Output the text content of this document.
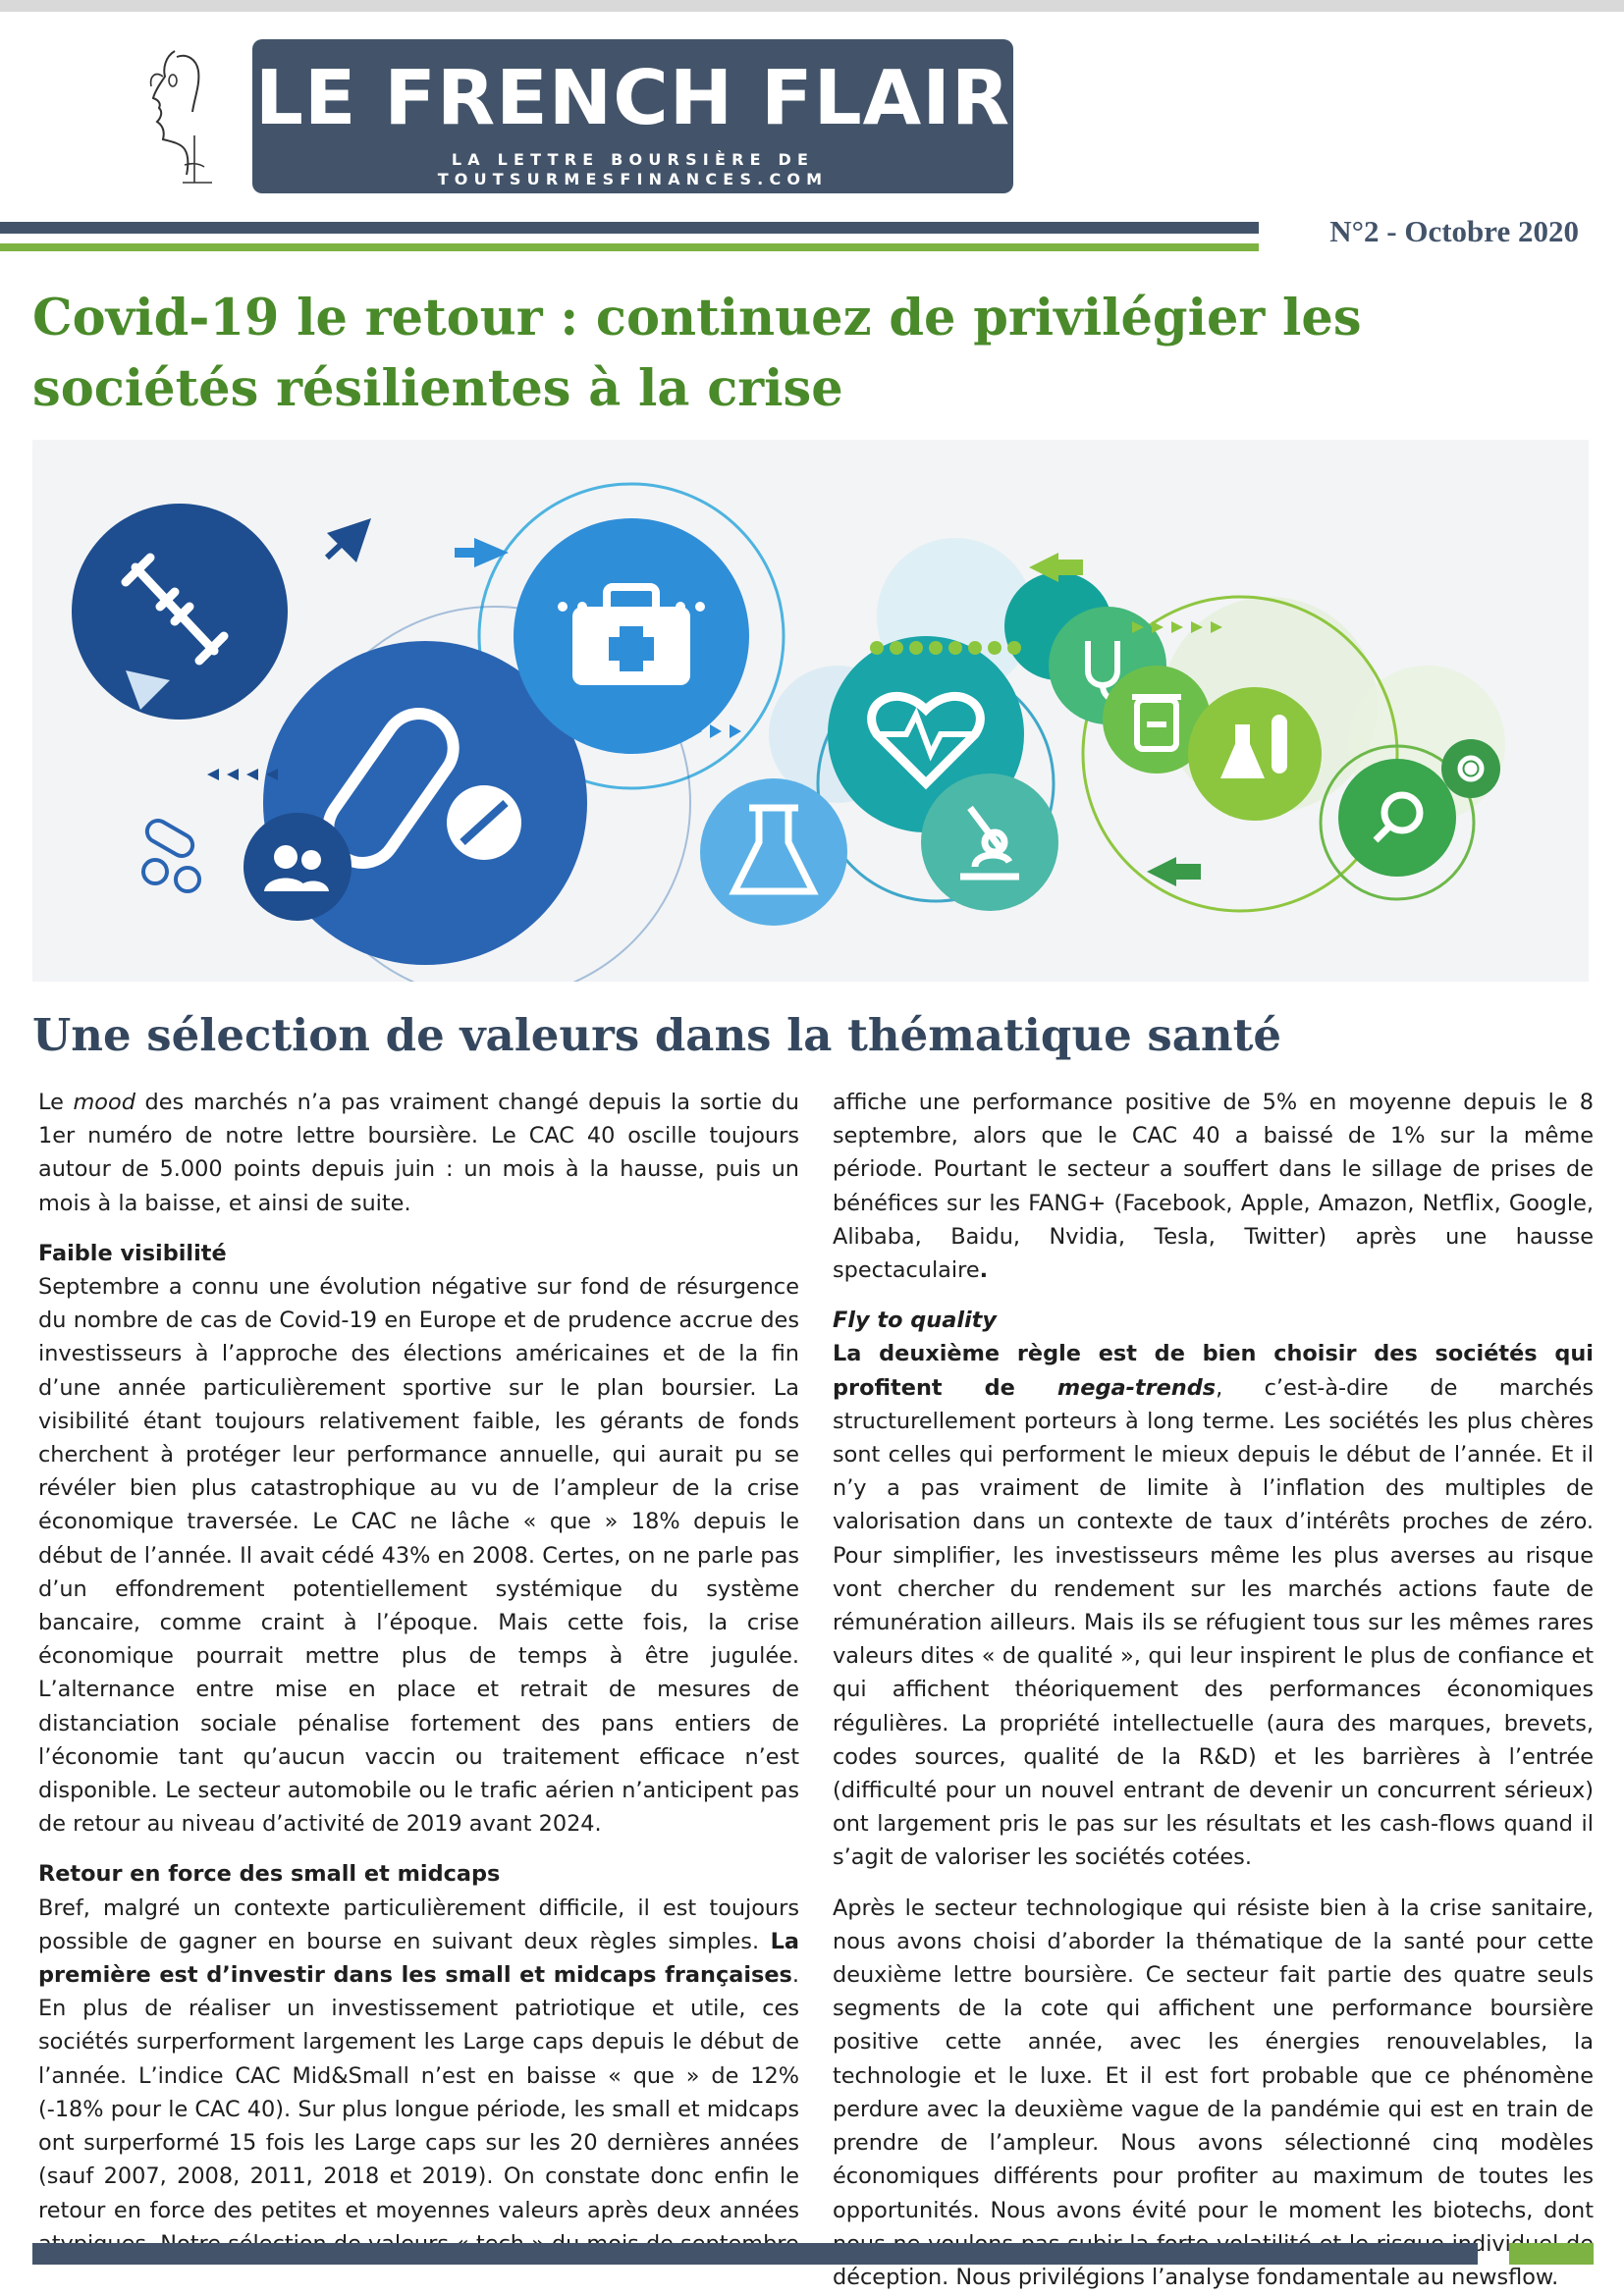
LE FRENCH FLAIR
LA LETTRE BOURSIÈRE DE TOUTSURMESFINANCES.COM
N°2 - Octobre 2020
Covid-19 le retour : continuez de privilégier les sociétés résilientes à la crise
Une sélection de valeurs dans la thématique santé

Le mood des marchés n’a pas vraiment changé depuis la sortie du 1er numéro de notre lettre boursière. Le CAC 40 oscille toujours autour de 5.000 points depuis juin : un mois à la hausse, puis un mois à la baisse, et ainsi de suite.

Faible visibilité

Septembre a connu une évolution négative sur fond de résurgence du nombre de cas de Covid-19 en Europe et de prudence accrue des investisseurs à l’approche des élections américaines et de la fin d’une année particulièrement sportive sur le plan boursier. La visibilité étant toujours relativement faible, les gérants de fonds cherchent à protéger leur performance annuelle, qui aurait pu se révéler bien plus catastrophique au vu de l’ampleur de la crise économique traversée. Le CAC ne lâche « que » 18% depuis le début de l’année. Il avait cédé 43% en 2008. Certes, on ne parle pas d’un effondrement potentiellement systémique du système bancaire, comme craint à l’époque. Mais cette fois, la crise économique pourrait mettre plus de temps à être jugulée. L’alternance entre mise en place et retrait de mesures de distanciation sociale pénalise fortement des pans entiers de l’économie tant qu’aucun vaccin ou traitement efficace n’est disponible. Le secteur automobile ou le trafic aérien n’anticipent pas de retour au niveau d’activité de 2019 avant 2024.

Retour en force des small et midcaps

Bref, malgré un contexte particulièrement difficile, il est toujours possible de gagner en bourse en suivant deux règles simples. La première est d’investir dans les small et midcaps françaises. En plus de réaliser un investissement patriotique et utile, ces sociétés surperforment largement les Large caps depuis le début de l’année. L’indice CAC Mid&Small n’est en baisse « que » de 12% (-18% pour le CAC 40). Sur plus longue période, les small et midcaps ont surperformé 15 fois les Large caps sur les 20 dernières années (sauf 2007, 2008, 2011, 2018 et 2019). On constate donc enfin le retour en force des petites et moyennes valeurs après deux années

affiche une performance positive de 5% en moyenne depuis le 8 septembre, alors que le CAC 40 a baissé de 1% sur la même période. Pourtant le secteur a souffert dans le sillage de prises de bénéfices sur les FANG+ (Facebook, Apple, Amazon, Netflix, Google, Alibaba, Baidu, Nvidia, Tesla, Twitter) après une hausse spectaculaire.

Fly to quality

La deuxième règle est de bien choisir des sociétés qui profitent de mega-trends, c’est-à-dire de marchés structurellement porteurs à long terme. Les sociétés les plus chères sont celles qui performent le mieux depuis le début de l’année. Et il n’y a pas vraiment de limite à l’inflation des multiples de valorisation dans un contexte de taux d’intérêts proches de zéro. Pour simplifier, les investisseurs même les plus averses au risque vont chercher du rendement sur les marchés actions faute de rémunération ailleurs. Mais ils se réfugient tous sur les mêmes rares valeurs dites « de qualité », qui leur inspirent le plus de confiance et qui affichent théoriquement des performances économiques régulières. La propriété intellectuelle (aura des marques, brevets, codes sources, qualité de la R&D) et les barrières à l’entrée (difficulté pour un nouvel entrant de devenir un concurrent sérieux) ont largement pris le pas sur les résultats et les cash-flows quand il s’agit de valoriser les sociétés cotées.

Après le secteur technologique qui résiste bien à la crise sanitaire, nous avons choisi d’aborder la thématique de la santé pour cette deuxième lettre boursière. Ce secteur fait partie des quatre seuls segments de la cote qui affichent une performance boursière positive cette année, avec les énergies renouvelables, la technologie et le luxe. Et il est fort probable que ce phénomène perdure avec la deuxième vague de la pandémie qui est en train de prendre de l’ampleur. Nous avons sélectionné cinq modèles économiques différents pour profiter au maximum de toutes les opportunités. Nous avons évité pour le moment les biotechs, dont individuel déception. Nous privilégions l’analyse fondamentale au newsflow.
